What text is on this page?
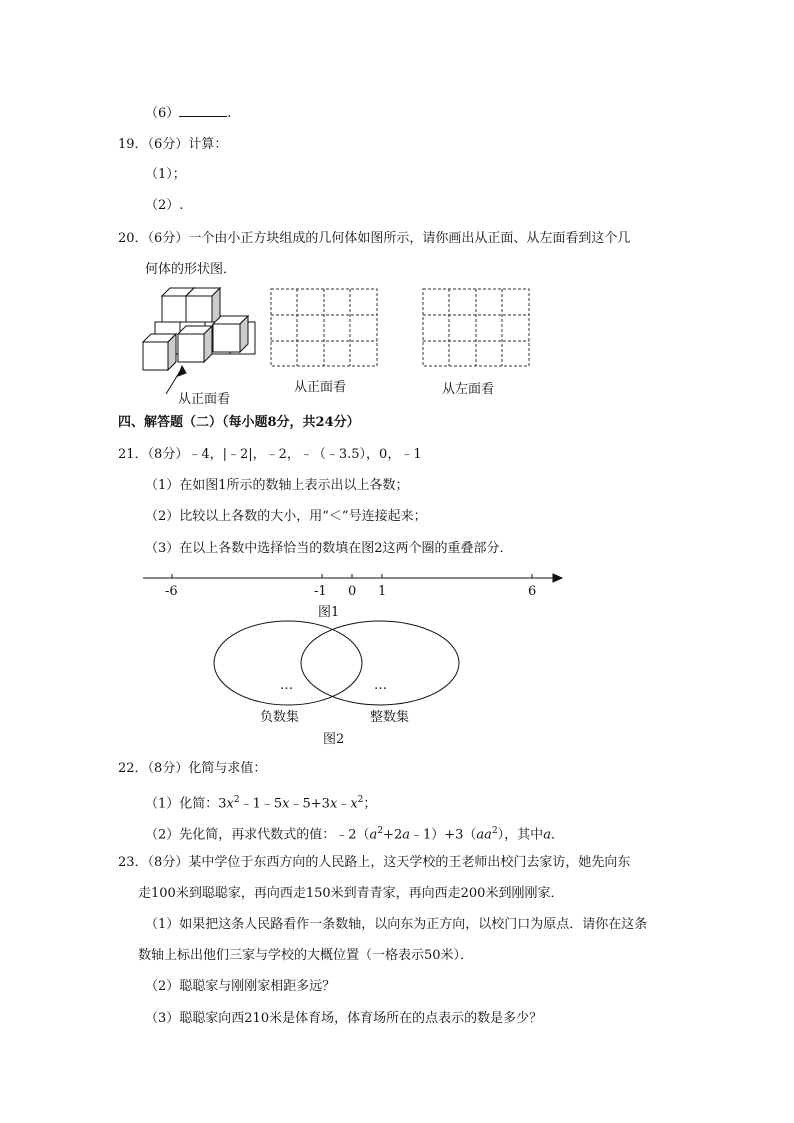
（6）	.
19．（6分）计算：
（1）；
（2）.
20．（6分）一个由小正方块组成的几何体如图所示，请你画出从正面、从左面看到这个几
何体的形状图．
从正面看
从正面看	从左面看
四、解答题（二）（每小题8分，共24分）
21．（8分）﹣4，|﹣2|，﹣2，﹣（﹣3.5），0，﹣1
（1）在如图1所示的数轴上表示出以上各数；
（2）比较以上各数的大小，用“＜”号连接起来；
（3）在以上各数中选择恰当的数填在图2这两个圈的重叠部分．
-6	-1 0 1	6
图1
…	…
负数集	整数集
图2
22．（8分）化简与求值：
（1）化简：$3x^2﹣1﹣5x﹣5+3x﹣x^2$；
（2）先化简，再求代数式的值：$﹣2(a^2+2a﹣1)+3(aa^2)$，其中a．
23．（8分）某中学位于东西方向的人民路上，这天学校的王老师出校门去家访，她先向东
走100米到聪聪家，再向西走150米到青青家，再向西走200米到刚刚家．
（1）如果把这条人民路看作一条数轴，以向东为正方向，以校门口为原点．请你在这条
数轴上标出他们三家与学校的大概位置（一格表示50米）．
（2）聪聪家与刚刚家相距多远？
（3）聪聪家向西210米是体育场，体育场所在的点表示的数是多少？
